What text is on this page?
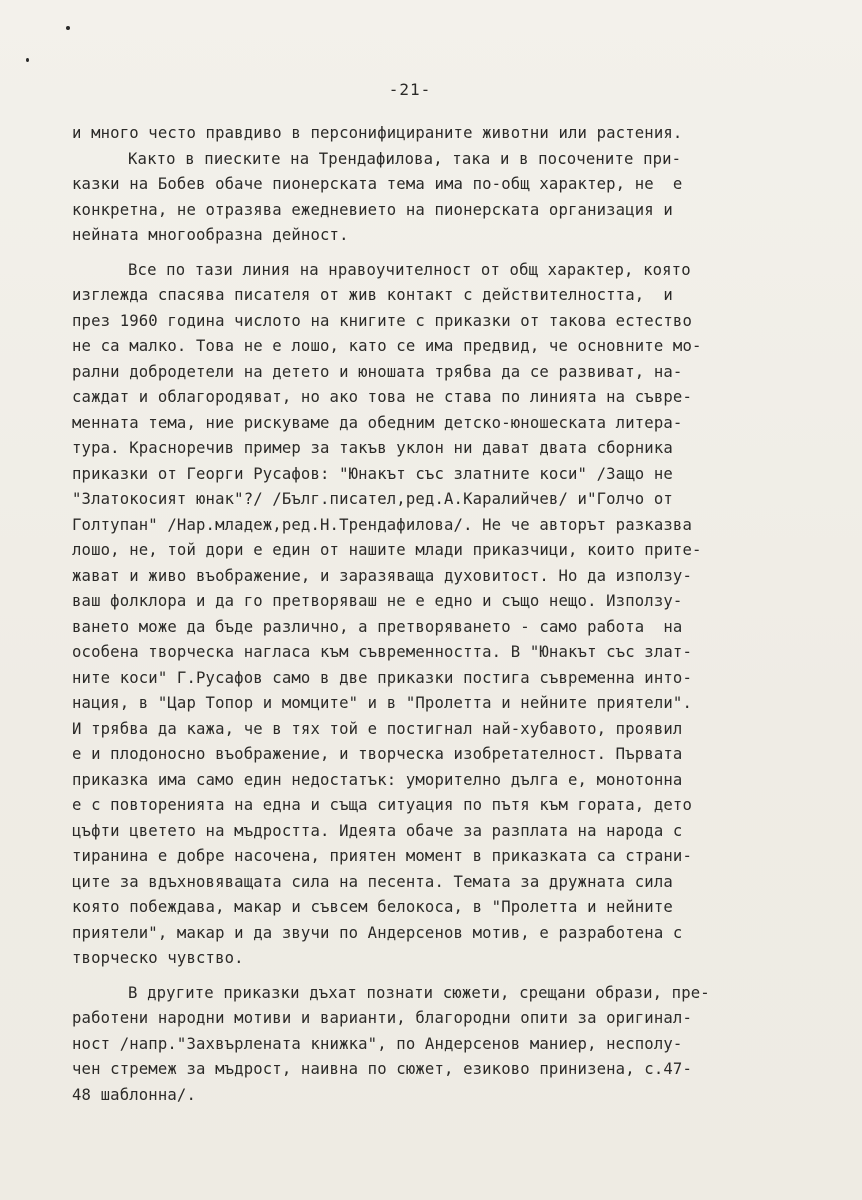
-21-
и много често правдиво в персонифицираните животни или растения.
Както в пиеските на Трендафилова, така и в посочените при-
казки на Бобев обаче пионерската тема има по-общ характер, не  е
конкретна, не отразява ежедневието на пионерската организация и
нейната многообразна дейност.
Все по тази линия на нравоучителност от общ характер, която
изглежда спасява писателя от жив контакт с действителността,  и
през 1960 година числото на книгите с приказки от такова естество
не са малко. Това не е лошо, като се има предвид, че основните мо-
рални добродетели на детето и юношата трябва да се развиват, на-
саждат и облагородяват, но ако това не става по линията на съвре-
менната тема, ние рискуваме да обедним детско-юношеската литера-
тура. Красноречив пример за такъв уклон ни дават двата сборника
приказки от Георги Русафов: "Юнакът със златните коси" /Защо не
"Златокосият юнак"?/ /Бълг.писател,ред.А.Каралийчев/ и"Голчо от
Голтупан" /Нар.младеж,ред.Н.Трендафилова/. Не че авторът разказва
лошо, не, той дори е един от нашите млади приказчици, които прите-
жават и живо въображение, и заразяваща духовитост. Но да използу-
ваш фолклора и да го претворяваш не е едно и също нещо. Използу-
ването може да бъде различно, а претворяването - само работа  на
особена творческа нагласа към съвременността. В "Юнакът със злат-
ните коси" Г.Русафов само в две приказки постига съвременна инто-
нация, в "Цар Топор и момците" и в "Пролетта и нейните приятели".
И трябва да кажа, че в тях той е постигнал най-хубавото, проявил
е и плодоносно въображение, и творческа изобретателност. Първата
приказка има само един недостатък: уморително дълга е, монотонна
е с повторенията на една и съща ситуация по пътя към гората, дето
цъфти цветето на мъдростта. Идеята обаче за разплата на народа с
тиранина е добре насочена, приятен момент в приказката са страни-
ците за вдъхновяващата сила на песента. Темата за дружната сила
която побеждава, макар и съвсем белокоса, в "Пролетта и нейните
приятели", макар и да звучи по Андерсенов мотив, е разработена с
творческо чувство.
В другите приказки дъхат познати сюжети, срещани образи, пре-
работени народни мотиви и варианти, благородни опити за оригинал-
ност /напр."Захвърлената книжка", по Андерсенов маниер, несполу-
чен стремеж за мъдрост, наивна по сюжет, езиково принизена, с.47-
48 шаблонна/.
